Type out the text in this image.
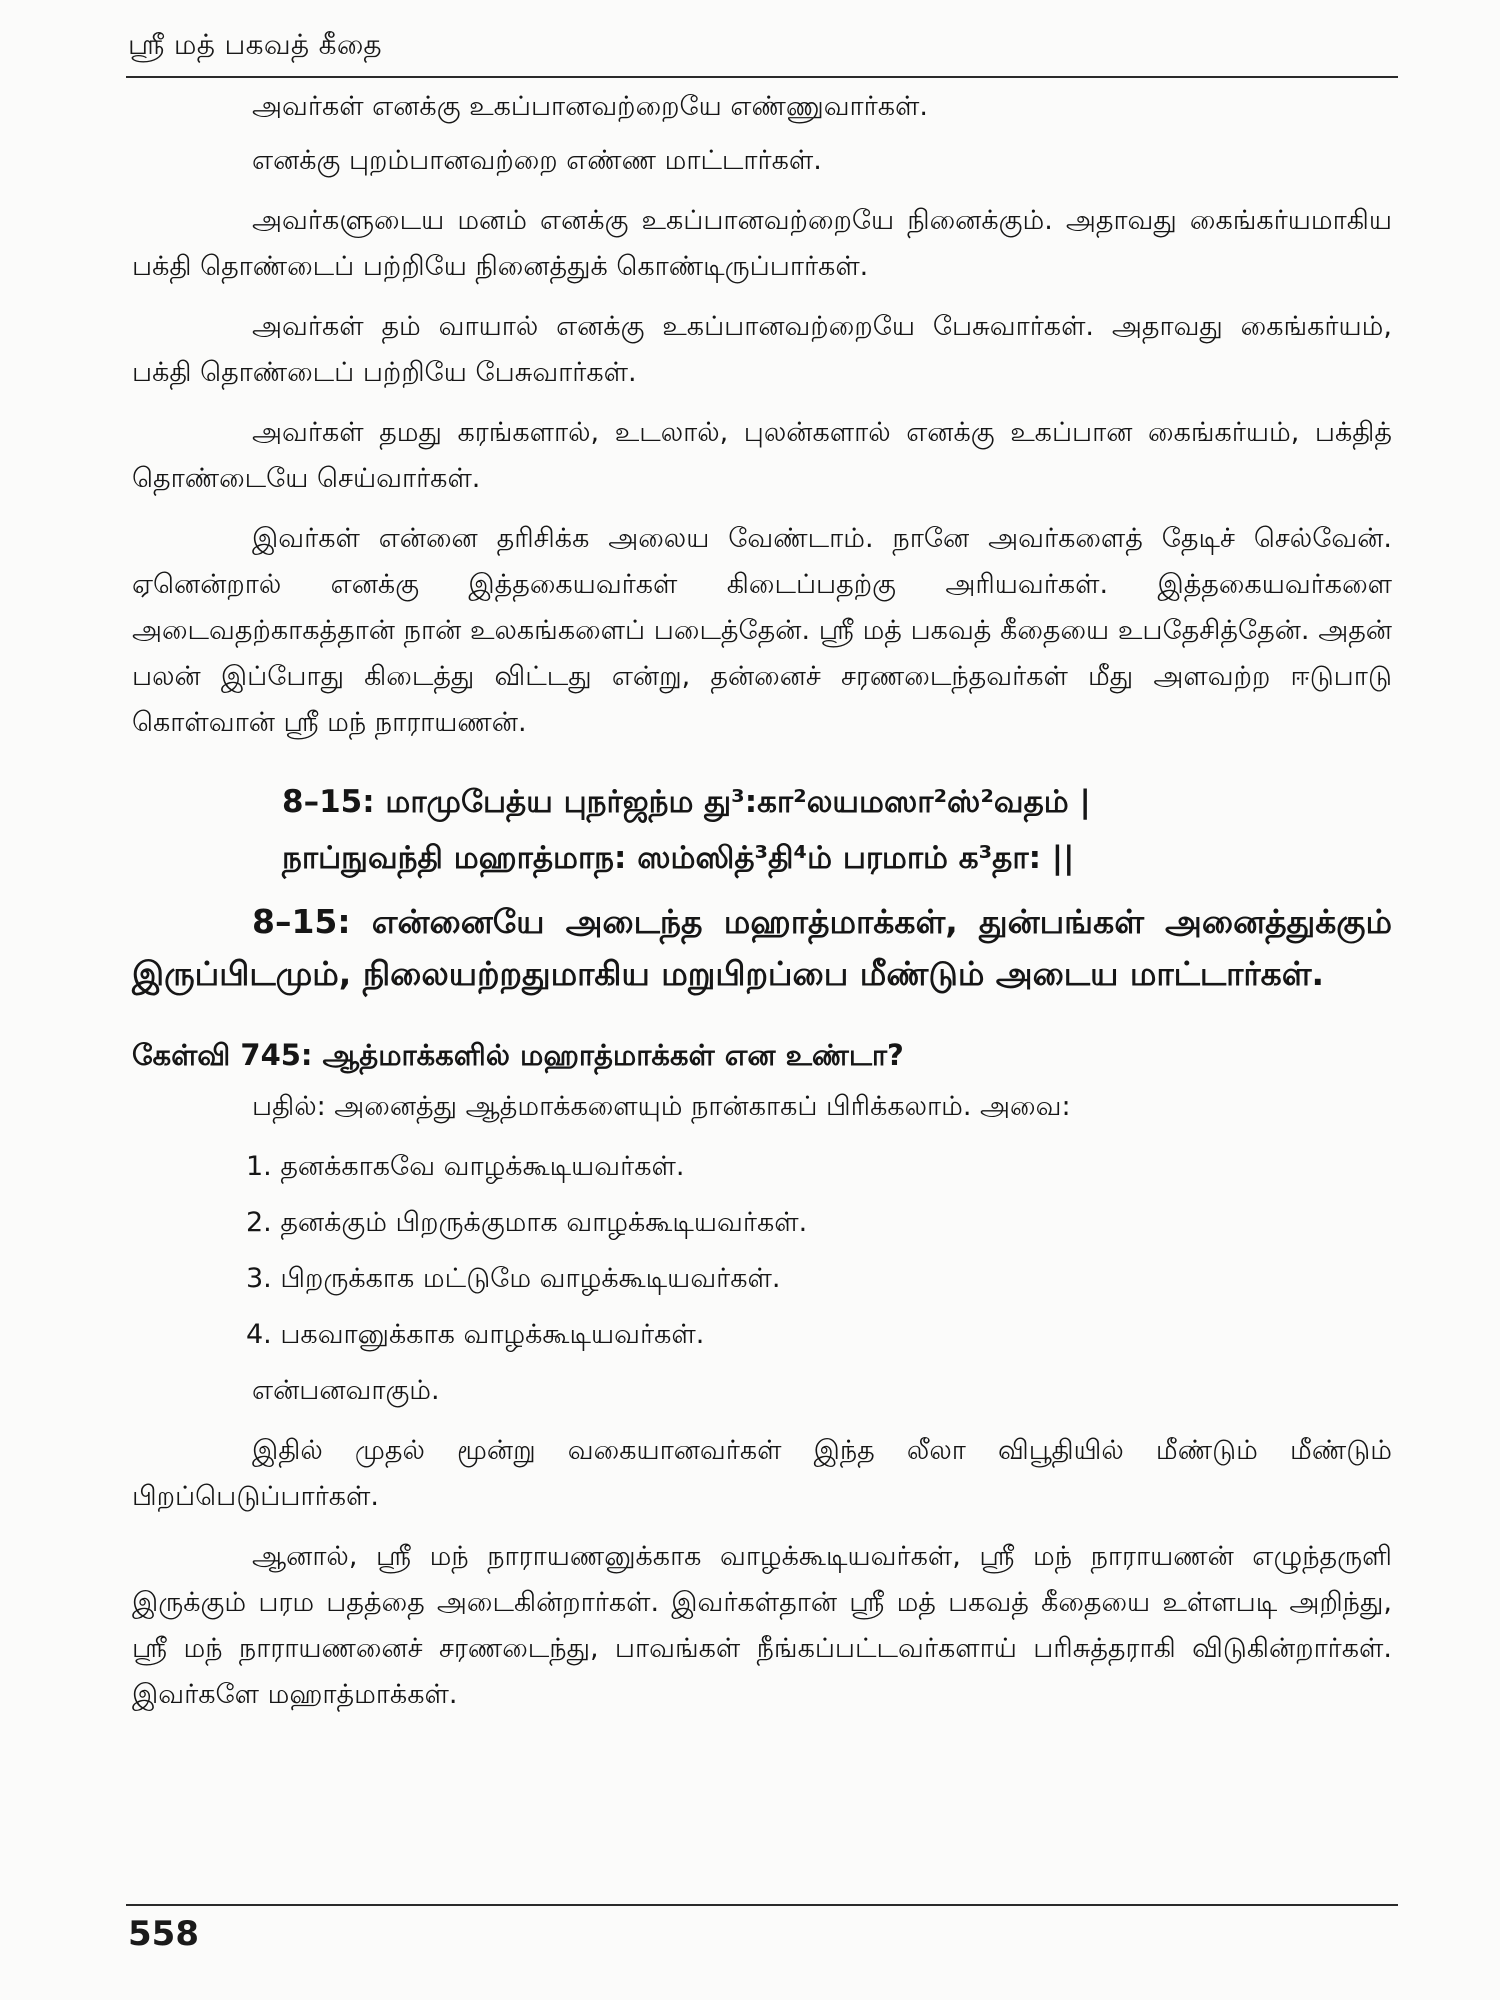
ஸ்ரீ மத் பகவத் கீதை

அவர்கள் எனக்கு உகப்பானவற்றையே எண்ணுவார்கள்.

எனக்கு புறம்பானவற்றை எண்ண மாட்டார்கள்.

அவர்களுடைய மனம் எனக்கு உகப்பானவற்றையே நினைக்கும். அதாவது கைங்கர்யமாகிய பக்தி தொண்டைப் பற்றியே நினைத்துக் கொண்டிருப்பார்கள்.

அவர்கள் தம் வாயால் எனக்கு உகப்பானவற்றையே பேசுவார்கள். அதாவது கைங்கர்யம், பக்தி தொண்டைப் பற்றியே பேசுவார்கள்.

அவர்கள் தமது கரங்களால், உடலால், புலன்களால் எனக்கு உகப்பான கைங்கர்யம், பக்தித் தொண்டையே செய்வார்கள்.

இவர்கள் என்னை தரிசிக்க அலைய வேண்டாம். நானே அவர்களைத் தேடிச் செல்வேன். ஏனென்றால் எனக்கு இத்தகையவர்கள் கிடைப்பதற்கு அரியவர்கள். இத்தகையவர்களை அடைவதற்காகத்தான் நான் உலகங்களைப் படைத்தேன். ஸ்ரீ மத் பகவத் கீதையை உபதேசித்தேன். அதன் பலன் இப்போது கிடைத்து விட்டது என்று, தன்னைச் சரணடைந்தவர்கள் மீது அளவற்ற ஈடுபாடு கொள்வான் ஸ்ரீ மந் நாராயணன்.

8–15: மாமுபேத்ய புநர்ஜந்ம து³:கா²லயமஸா²ஸ்²வதம் |
நாப்நுவந்தி மஹாத்மாந: ஸம்ஸித்³தி⁴ம் பரமாம் க³தா: ||

8–15: என்னையே அடைந்த மஹாத்மாக்கள், துன்பங்கள் அனைத்துக்கும் இருப்பிடமும், நிலையற்றதுமாகிய மறுபிறப்பை மீண்டும் அடைய மாட்டார்கள்.

கேள்வி 745: ஆத்மாக்களில் மஹாத்மாக்கள் என உண்டா?

பதில்: அனைத்து ஆத்மாக்களையும் நான்காகப் பிரிக்கலாம். அவை:

1. தனக்காகவே வாழக்கூடியவர்கள்.

2. தனக்கும் பிறருக்குமாக வாழக்கூடியவர்கள்.

3. பிறருக்காக மட்டுமே வாழக்கூடியவர்கள்.

4. பகவானுக்காக வாழக்கூடியவர்கள்.

என்பனவாகும்.

இதில் முதல் மூன்று வகையானவர்கள் இந்த லீலா விபூதியில் மீண்டும் மீண்டும் பிறப்பெடுப்பார்கள்.

ஆனால், ஸ்ரீ மந் நாராயணனுக்காக வாழக்கூடியவர்கள், ஸ்ரீ மந் நாராயணன் எழுந்தருளி இருக்கும் பரம பதத்தை அடைகின்றார்கள். இவர்கள்தான் ஸ்ரீ மத் பகவத் கீதையை உள்ளபடி அறிந்து, ஸ்ரீ மந் நாராயணனைச் சரணடைந்து, பாவங்கள் நீங்கப்பட்டவர்களாய் பரிசுத்தராகி விடுகின்றார்கள். இவர்களே மஹாத்மாக்கள்.

558
